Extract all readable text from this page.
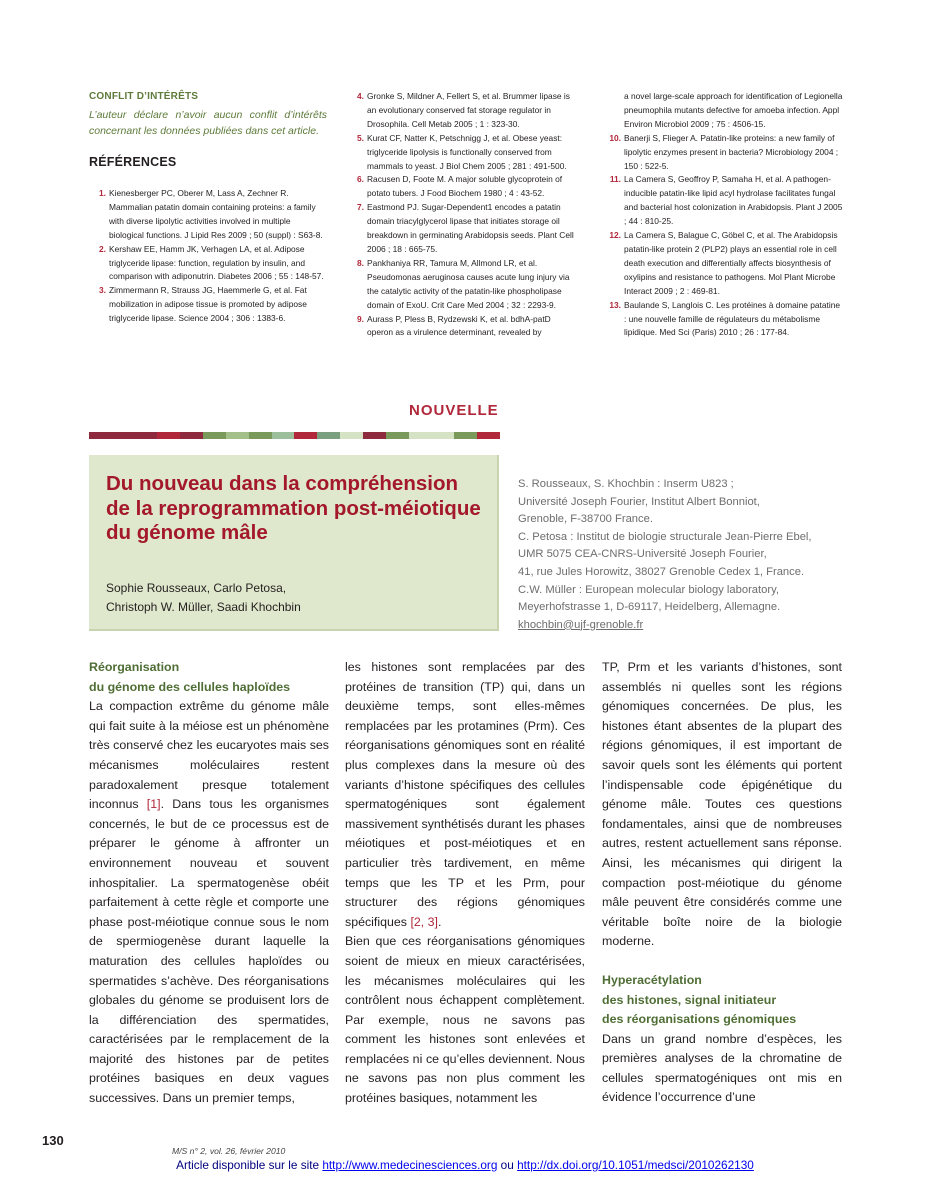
CONFLIT D’INTÉRÊTS
L’auteur déclare n’avoir aucun conflit d’intérêts concernant les données publiées dans cet article.
RÉFÉRENCES
1. Kienesberger PC, Oberer M, Lass A, Zechner R. Mammalian patatin domain containing proteins: a family with diverse lipolytic activities involved in multiple biological functions. J Lipid Res 2009 ; 50 (suppl) : S63-8.
2. Kershaw EE, Hamm JK, Verhagen LA, et al. Adipose triglyceride lipase: function, regulation by insulin, and comparison with adiponutrin. Diabetes 2006 ; 55 : 148-57.
3. Zimmermann R, Strauss JG, Haemmerle G, et al. Fat mobilization in adipose tissue is promoted by adipose triglyceride lipase. Science 2004 ; 306 : 1383-6.
4. Gronke S, Mildner A, Fellert S, et al. Brummer lipase is an evolutionary conserved fat storage regulator in Drosophila. Cell Metab 2005 ; 1 : 323-30.
5. Kurat CF, Natter K, Petschnigg J, et al. Obese yeast: triglyceride lipolysis is functionally conserved from mammals to yeast. J Biol Chem 2005 ; 281 : 491-500.
6. Racusen D, Foote M. A major soluble glycoprotein of potato tubers. J Food Biochem 1980 ; 4 : 43-52.
7. Eastmond PJ. Sugar-Dependent1 encodes a patatin domain triacylglycerol lipase that initiates storage oil breakdown in germinating Arabidopsis seeds. Plant Cell 2006 ; 18 : 665-75.
8. Pankhaniya RR, Tamura M, Allmond LR, et al. Pseudomonas aeruginosa causes acute lung injury via the catalytic activity of the patatin-like phospholipase domain of ExoU. Crit Care Med 2004 ; 32 : 2293-9.
9. Aurass P, Pless B, Rydzewski K, et al. bdhA-patD operon as a virulence determinant, revealed by
a novel large-scale approach for identification of Legionella pneumophila mutants defective for amoeba infection. Appl Environ Microbiol 2009 ; 75 : 4506-15.
10. Banerji S, Flieger A. Patatin-like proteins: a new family of lipolytic enzymes present in bacteria? Microbiology 2004 ; 150 : 522-5.
11. La Camera S, Geoffroy P, Samaha H, et al. A pathogen-inducible patatin-like lipid acyl hydrolase facilitates fungal and bacterial host colonization in Arabidopsis. Plant J 2005 ; 44 : 810-25.
12. La Camera S, Balague C, Göbel C, et al. The Arabidopsis patatin-like protein 2 (PLP2) plays an essential role in cell death execution and differentially affects biosynthesis of oxylipins and resistance to pathogens. Mol Plant Microbe Interact 2009 ; 2 : 469-81.
13. Baulande S, Langlois C. Les protéines à domaine patatine : une nouvelle famille de régulateurs du métabolisme lipidique. Med Sci (Paris) 2010 ; 26 : 177-84.
NOUVELLE
Du nouveau dans la compréhension de la reprogrammation post-méiotique du génome mâle
Sophie Rousseaux, Carlo Petosa,
Christoph W. Müller, Saadi Khochbin
S. Rousseaux, S. Khochbin : Inserm U823 ;
Université Joseph Fourier, Institut Albert Bonniot,
Grenoble, F-38700 France.
C. Petosa : Institut de biologie structurale Jean-Pierre Ebel,
UMR 5075 CEA-CNRS-Université Joseph Fourier,
41, rue Jules Horowitz, 38027 Grenoble Cedex 1, France.
C.W. Müller : European molecular biology laboratory,
Meyerhofstrasse 1, D-69117, Heidelberg, Allemagne.
khochbin@ujf-grenoble.fr
Réorganisation
du génome des cellules haploïdes

La compaction extrême du génome mâle qui fait suite à la méiose est un phénomène très conservé chez les eucaryotes mais ses mécanismes moléculaires restent paradoxalement presque totalement inconnus [1]. Dans tous les organismes concernés, le but de ce processus est de préparer le génome à affronter un environnement nouveau et souvent inhospitalier. La spermatogenèse obéit parfaitement à cette règle et comporte une phase post-méiotique connue sous le nom de spermiogenèse durant laquelle la maturation des cellules haploïdes ou spermatides s’achève. Des réorganisations globales du génome se produisent lors de la différenciation des spermatides, caractérisées par le remplacement de la majorité des histones par de petites protéines basiques en deux vagues successives. Dans un premier temps,

les histones sont remplacées par des protéines de transition (TP) qui, dans un deuxième temps, sont elles-mêmes remplacées par les protamines (Prm). Ces réorganisations génomiques sont en réalité plus complexes dans la mesure où des variants d’histone spécifiques des cellules spermatogéniques sont également massivement synthétisés durant les phases méiotiques et post-méiotiques et en particulier très tardivement, en même temps que les TP et les Prm, pour structurer des régions génomiques spécifiques [2, 3].

Bien que ces réorganisations génomiques soient de mieux en mieux caractérisées, les mécanismes moléculaires qui les contrôlent nous échappent complètement. Par exemple, nous ne savons pas comment les histones sont enlevées et remplacées ni ce qu’elles deviennent. Nous ne savons pas non plus comment les protéines basiques, notamment les

TP, Prm et les variants d’histones, sont assemblés ni quelles sont les régions génomiques concernées. De plus, les histones étant absentes de la plupart des régions génomiques, il est important de savoir quels sont les éléments qui portent l’indispensable code épigénétique du génome mâle. Toutes ces questions fondamentales, ainsi que de nombreuses autres, restent actuellement sans réponse. Ainsi, les mécanismes qui dirigent la compaction post-méiotique du génome mâle peuvent être considérés comme une véritable boîte noire de la biologie moderne.

Hyperacétylation
des histones, signal initiateur
des réorganisations génomiques

Dans un grand nombre d’espèces, les premières analyses de la chromatine de cellules spermatogéniques ont mis en évidence l’occurrence d’une

130
M/S n° 2, vol. 26, février 2010
Article disponible sur le site http://www.medecinesciences.org ou http://dx.doi.org/10.1051/medsci/2010262130
